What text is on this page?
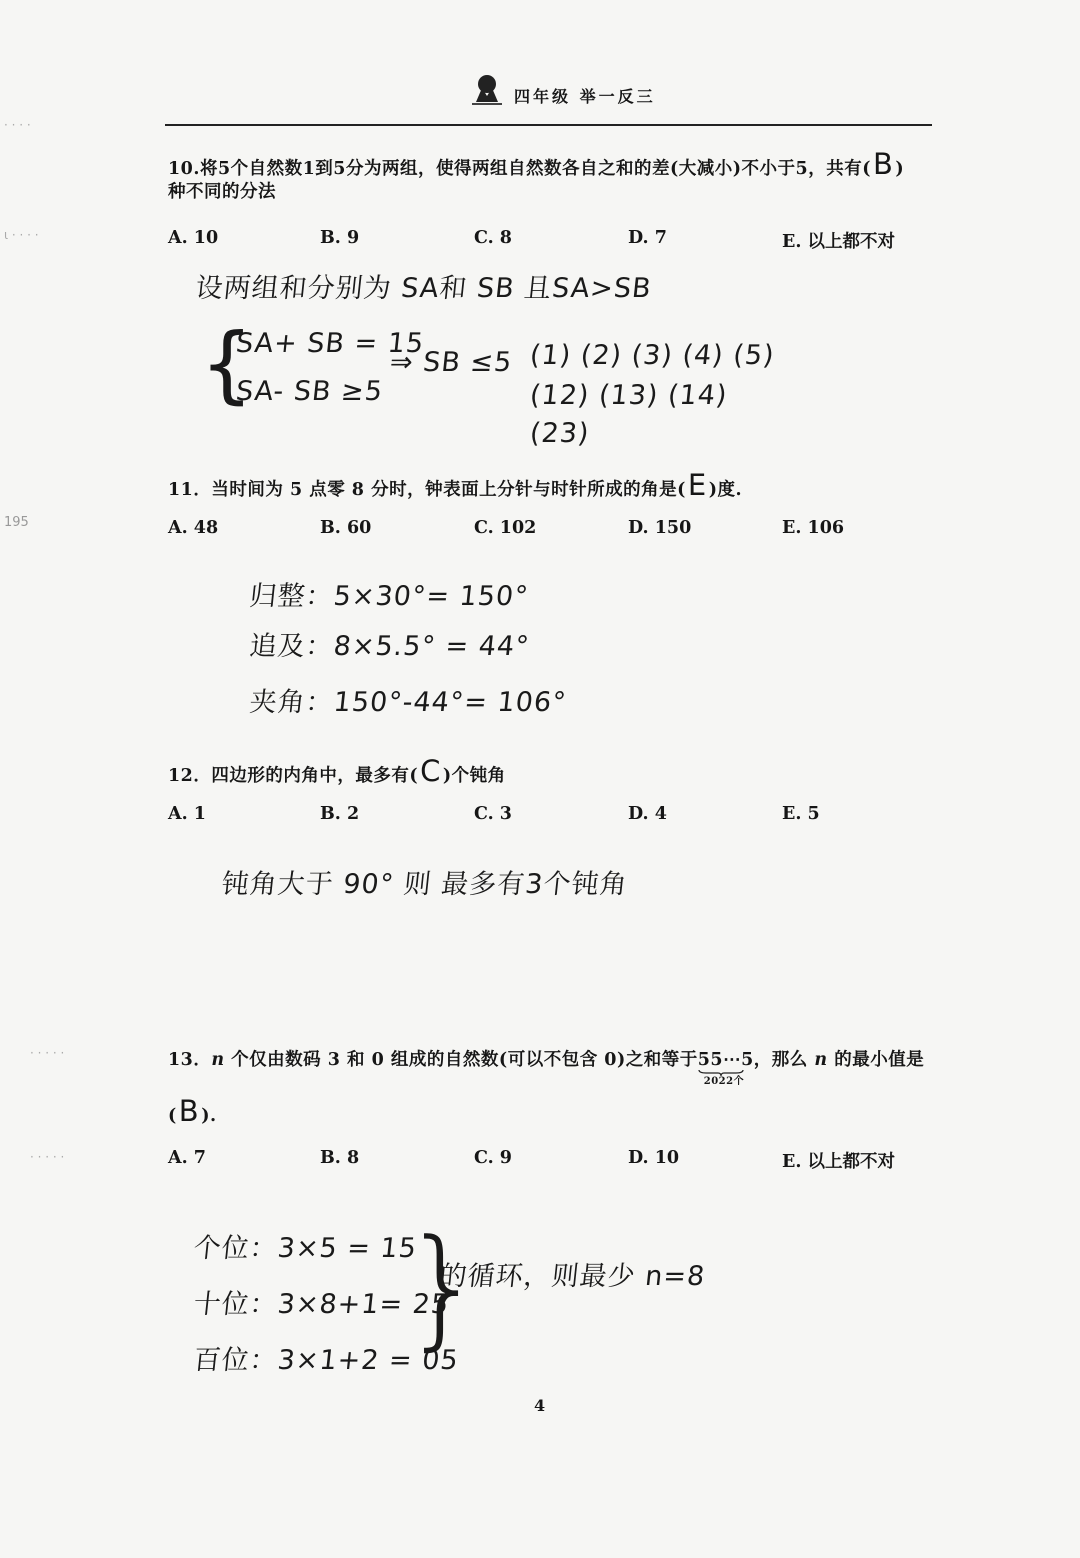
四年级 举一反三
195
· · · ·
ι · · · ·
· · · · ·
· · · · ·
10.将5个自然数1到5分为两组，使得两组自然数各自之和的差(大减小)不小于5，共有(B )
种不同的分法
A. 10	B. 9	C. 8	D. 7	E. 以上都不对
设两组和分别为 SA和 SB 且SA>SB
{
SA+ SB = 15
SA- SB ≥5
⇒ SB ≤5 (1) (2) (3) (4) (5)
(12) (13) (14)
(23)
11．当时间为 5 点零 8 分时，钟表面上分针与时针所成的角是(E )度.
A. 48	B. 60	C. 102	D. 150	E. 106
归整：5×30°= 150°
追及：8×5.5° = 44°
夹角：150°-44°= 106°
12．四边形的内角中，最多有(C )个钝角
A. 1	B. 2	C. 3	D. 4	E. 5
钝角大于 90° 则 最多有3个钝角
13．n 个仅由数码 3 和 0 组成的自然数(可以不包含 0)之和等于55⋯5
2022个
，那么 n 的最小值是
(B ).
A. 7	B. 8	C. 9	D. 10	E. 以上都不对
个位：3×5 = 15
十位：3×8+1= 25
百位：3×1+2 = 05
}
的循环，则最少 n=8
4
